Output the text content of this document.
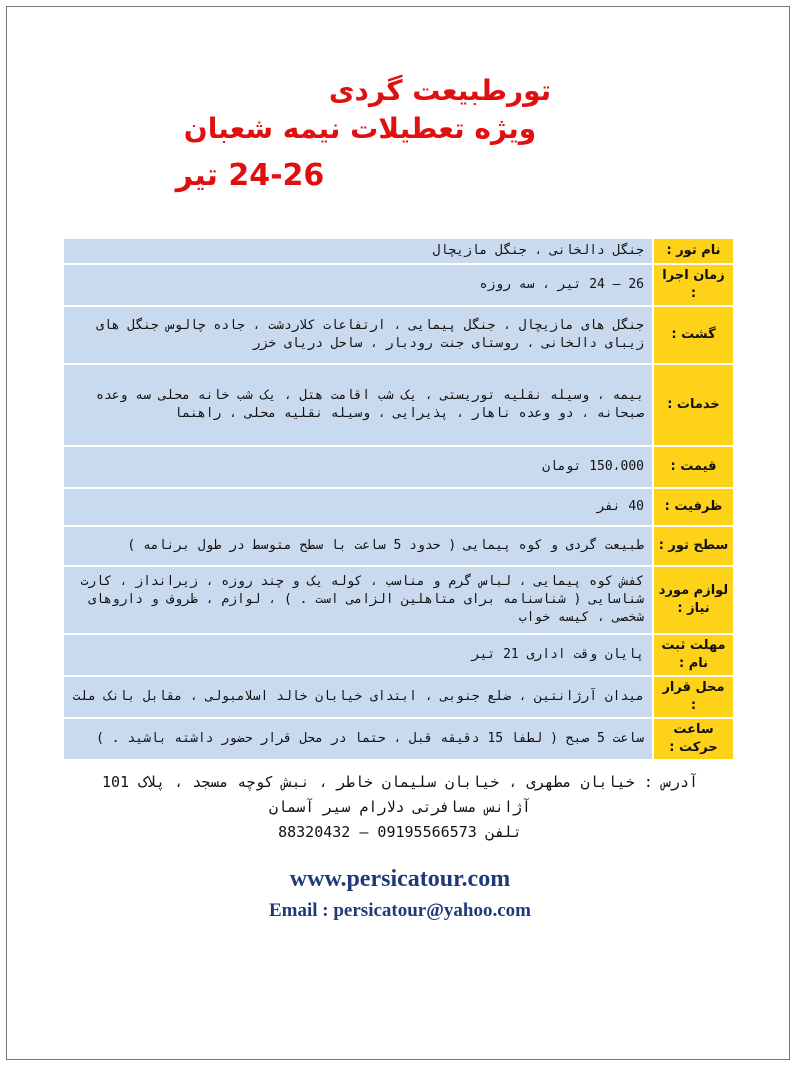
تورطبیعت گردی
ویژه تعطیلات نیمه شعبان
24-26 تیر
نام تور :	جنگل دالخانی ، جنگل مازیچال
زمان اجرا :	26 – 24 تیر ، سه روزه
گشت :	جنگل های مازیچال ، جنگل پیمایی ، ارتفاعات کلاردشت ، جاده چالوس جنگل های زیبای دالخانی ، روستای جنت رودبار ، ساحل دریای خزر
خدمات :	بیمه ، وسیله نقلیه توریستی ، یک شب اقامت هتل ، یک شب خانه محلی سه وعده صبحانه ، دو وعده ناهار ، پذیرایی ، وسیله نقلیه محلی ، راهنما
قیمت :	150،000 تومان
ظرفیت :	40 نفر
سطح تور :	طبیعت گردی و کوه پیمایی ( حدود 5 ساعت با سطح متوسط در طول برنامه )
لوازم مورد نیاز :	کفش کوه پیمایی ، لباس گرم و مناسب ، کوله یک و چند روزه ، زیرانداز ، کارت شناسایی ( شناسنامه برای متاهلین الزامی است . ) ، لوازم ، ظروف و داروهای شخصی ، کیسه خواب
مهلت ثبت نام :	پایان وقت اداری 21 تیر
محل قرار :	میدان آرژانتین ، ضلع جنوبی ، ابتدای خیابان خالد اسلامبولی ، مقابل بانک ملت
ساعت حرکت :	ساعت 5 صبح ( لطفا 15 دقیقه قبل ، حتما در محل قرار حضور داشته باشید . )
آدرس : خیابان مطهری ، خیابان سلیمان خاطر ، نبش کوچه مسجد ، پلاک 101
آژانس مسافرتی دلارام سیر آسمان
تلفن 09195566573 – 88320432
www.persicatour.com
Email : persicatour@yahoo.com
